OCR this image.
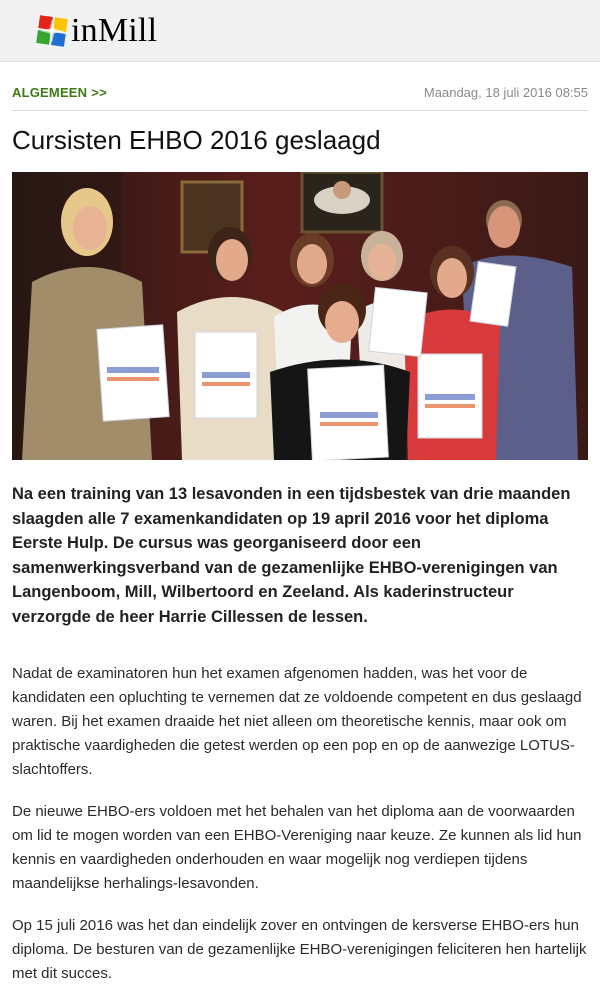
inMill
ALGEMEEN >>	Maandag, 18 juli 2016 08:55
Cursisten EHBO 2016 geslaagd

Na een training van 13 lesavonden in een tijdsbestek van drie maanden slaagden alle 7 examenkandidaten op 19 april 2016 voor het diploma Eerste Hulp. De cursus was georganiseerd door een samenwerkingsverband van de gezamenlijke EHBO-verenigingen van Langenboom, Mill, Wilbertoord en Zeeland. Als kaderinstructeur verzorgde de heer Harrie Cillessen de lessen.

Nadat de examinatoren hun het examen afgenomen hadden, was het voor de kandidaten een opluchting te vernemen dat ze voldoende competent en dus geslaagd waren. Bij het examen draaide het niet alleen om theoretische kennis, maar ook om praktische vaardigheden die getest werden op een pop en op de aanwezige LOTUS-slachtoffers.

De nieuwe EHBO-ers voldoen met het behalen van het diploma aan de voorwaarden om lid te mogen worden van een EHBO-Vereniging naar keuze. Ze kunnen als lid hun kennis en vaardigheden onderhouden en waar mogelijk nog verdiepen tijdens maandelijkse herhalings-lesavonden.

Op 15 juli 2016 was het dan eindelijk zover en ontvingen de kersverse EHBO-ers hun diploma. De besturen van de gezamenlijke EHBO-verenigingen feliciteren hen hartelijk met dit succes.
